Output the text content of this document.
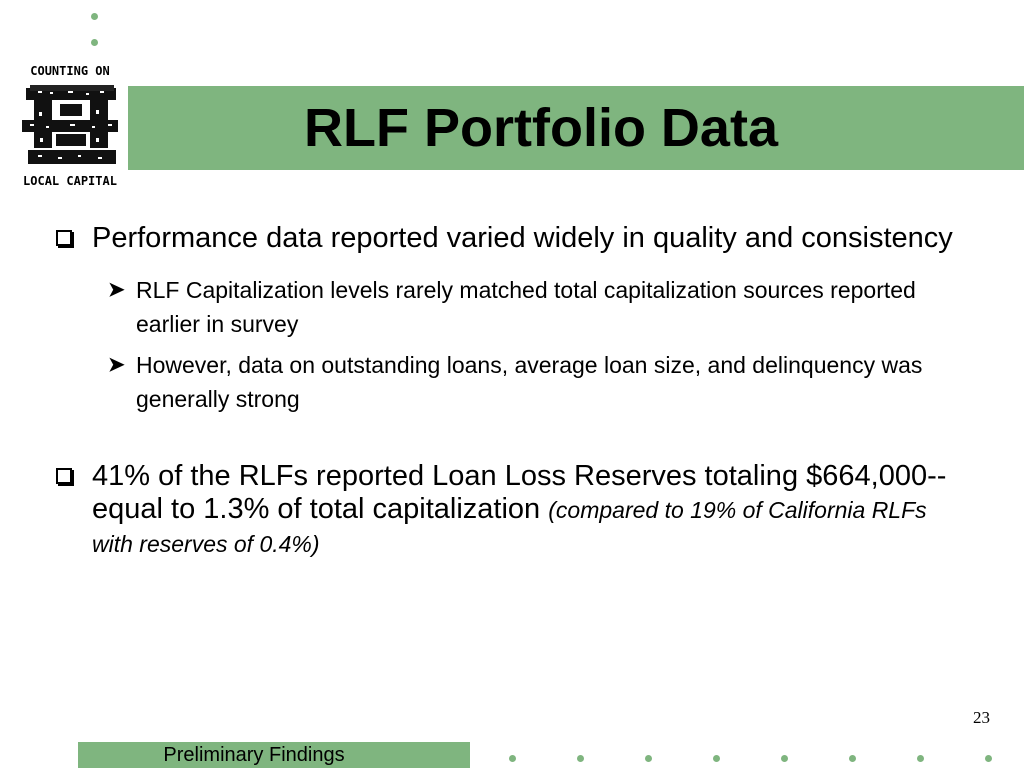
RLF Portfolio Data
COUNTING ON
LOCAL CAPITAL
Performance data reported varied widely in quality and consistency
➤ RLF Capitalization levels rarely matched total capitalization sources reported earlier in survey
➤ However, data on outstanding loans, average loan size, and delinquency was generally strong
41% of the RLFs reported Loan Loss Reserves totaling $664,000--equal to 1.3% of total capitalization (compared to 19% of California RLFs with reserves of 0.4%)
23
Preliminary Findings
